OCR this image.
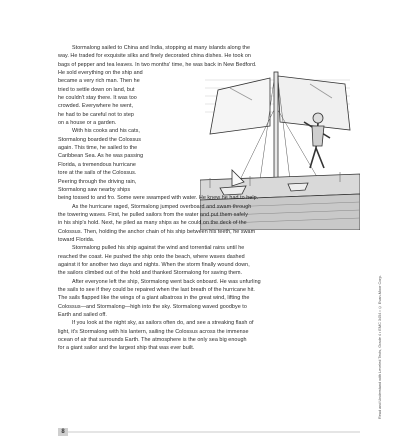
Stormalong sailed to China and India, stopping at many islands along the
way. He traded for exquisite silks and finely decorated china dishes. He took on
bags of pepper and tea leaves. In two months' time, he was back in New Bedford.
He sold everything on the ship and
became a very rich man. Then he
tried to settle down on land, but
he couldn't stay there. It was too
crowded. Everywhere he went,
he had to be careful not to step
on a house or a garden.
With his cooks and his cats,
Stormalong boarded the Colossus
again. This time, he sailed to the
Caribbean Sea. As he was passing
Florida, a tremendous hurricane
tore at the sails of the Colossus.
Peering through the driving rain,
Stormalong saw nearby ships
being tossed to and fro. Some were swamped with water. He knew he had to help.
As the hurricane raged, Stormalong jumped overboard and swam through
the towering waves. First, he pulled sailors from the water and put them safely
in his ship's hold. Next, he piled as many ships as he could on the deck of the
Colossus. Then, holding the anchor chain of his ship between his teeth, he swam
toward Florida.
Stormalong pulled his ship against the wind and torrential rains until he
reached the coast. He pushed the ship onto the beach, where waves dashed
against it for another two days and nights. When the storm finally wound down,
the sailors climbed out of the hold and thanked Stormalong for saving them.
After everyone left the ship, Stormalong went back onboard. He was unfurling
the sails to see if they could be repaired when the last breath of the hurricane hit.
The sails flapped like the wings of a giant albatross in the great wind, lifting the
Colossus—and Stormalong—high into the sky. Stormalong waved goodbye to
Earth and sailed off.
If you look at the night sky, as sailors often do, and see a streaking flash of
light, it's Stormalong with his lantern, sailing the Colossus across the immense
ocean of air that surrounds Earth. The atmosphere is the only sea big enough
for a giant sailor and the largest ship that was ever built.	Read and Understand with Leveled Texts, Grade 4 • EMC 3454 • © Evan-Moor Corp.
8
